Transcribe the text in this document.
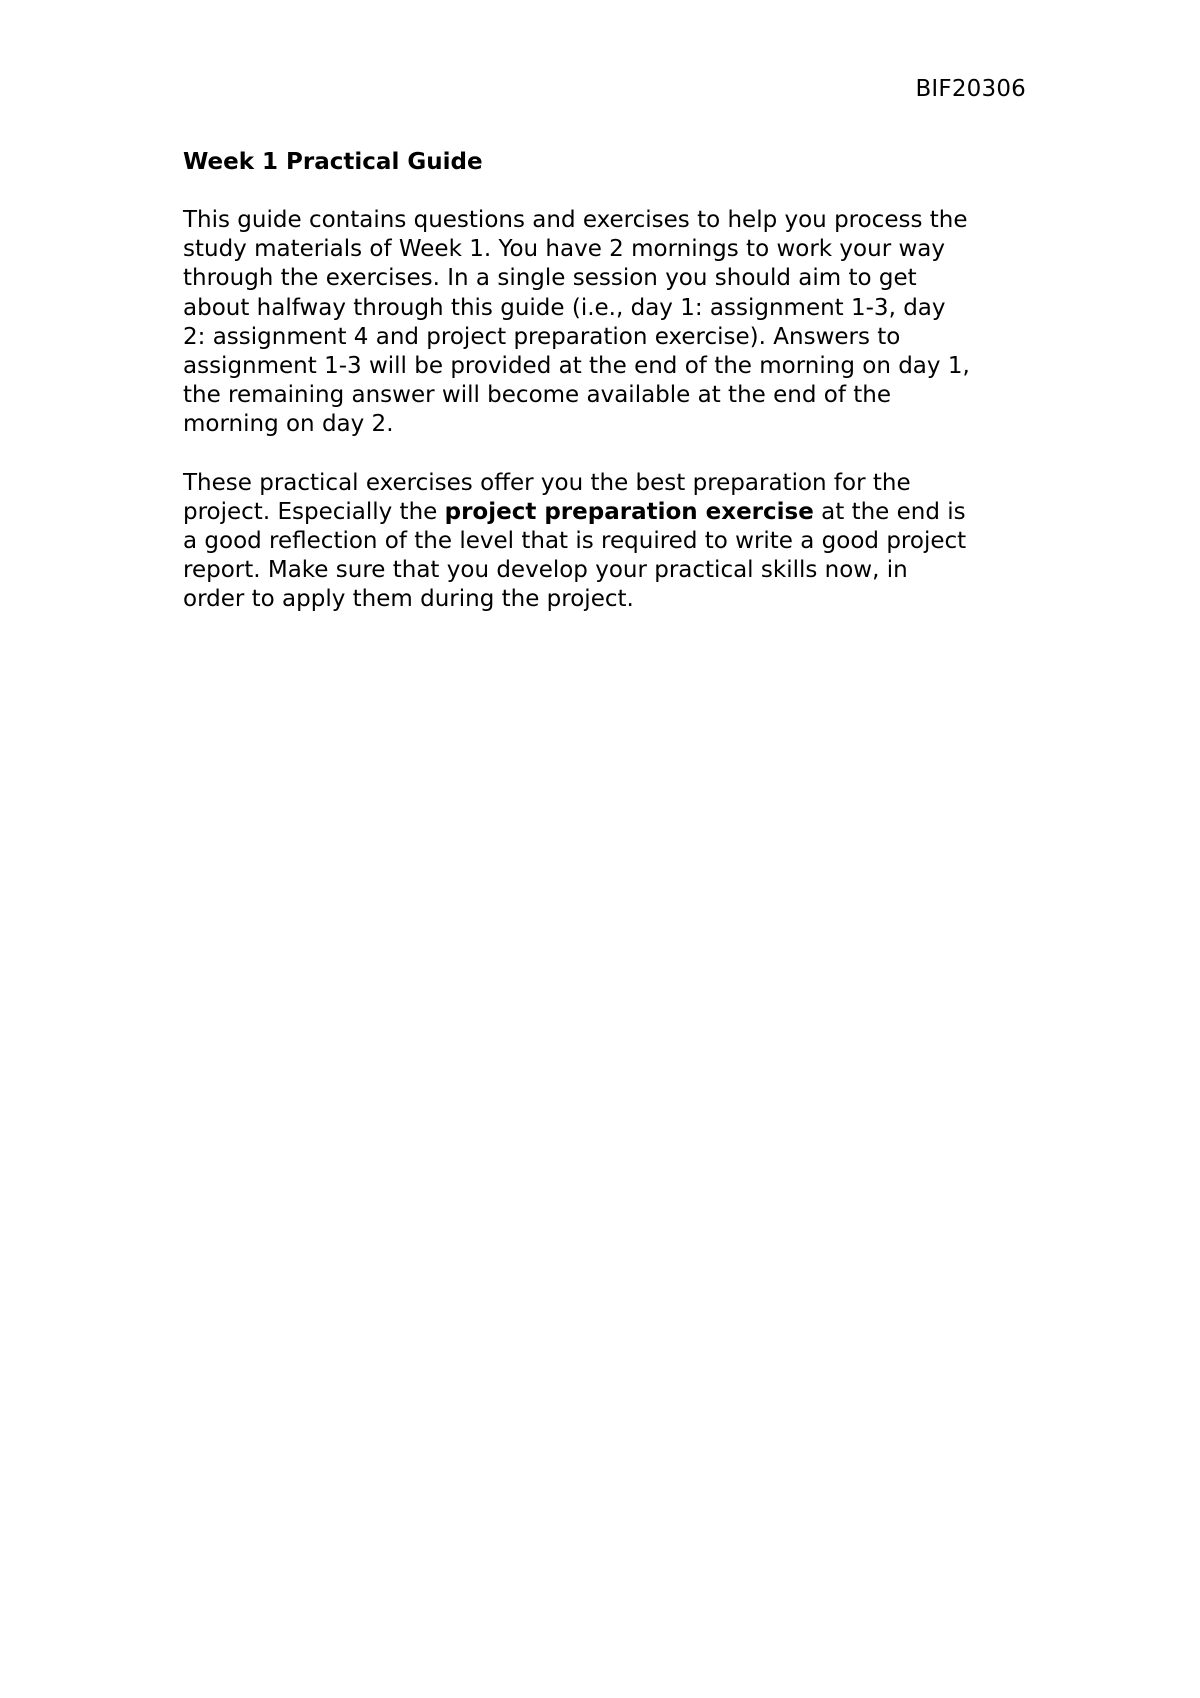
BIF20306
Week 1 Practical Guide
This guide contains questions and exercises to help you process the
study materials of Week 1. You have 2 mornings to work your way
through the exercises. In a single session you should aim to get
about halfway through this guide (i.e., day 1: assignment 1-3, day
2: assignment 4 and project preparation exercise). Answers to
assignment 1-3 will be provided at the end of the morning on day 1,
the remaining answer will become available at the end of the
morning on day 2.
These practical exercises offer you the best preparation for the
project. Especially the project preparation exercise at the end is
a good reflection of the level that is required to write a good project
report. Make sure that you develop your practical skills now, in
order to apply them during the project.
